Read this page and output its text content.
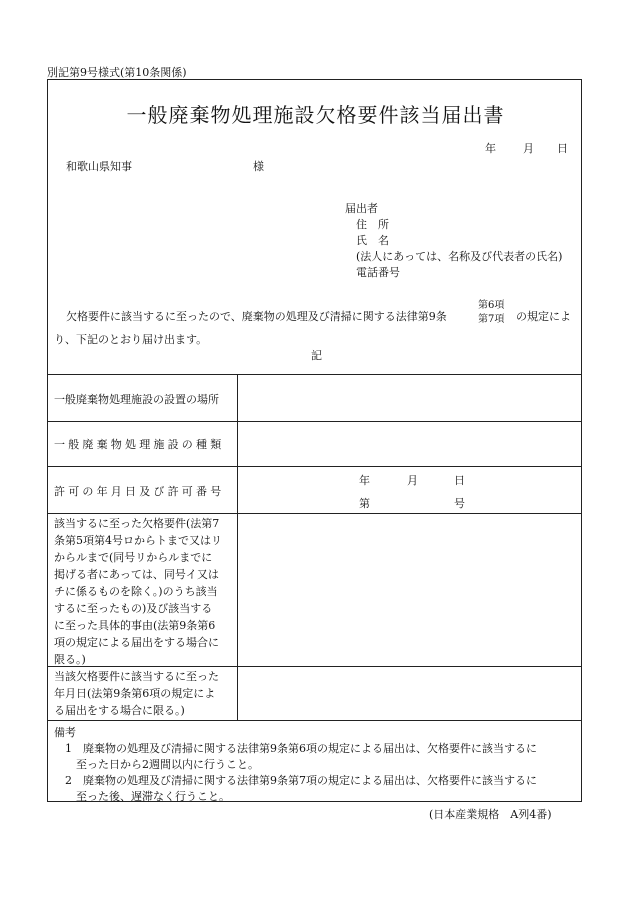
別記第9号様式(第10条関係)
一般廃棄物処理施設欠格要件該当届出書
年 月 日
和歌山県知事	様
届出者
住　所
氏　名
(法人にあっては、名称及び代表者の氏名)
電話番号
欠格要件に該当するに至ったので、廃棄物の処理及び清掃に関する法律第9条
第6項
第7項 の規定によ
り、下記のとおり届け出ます。
記
一般廃棄物処理施設の設置の場所
一般廃棄物処理施設の種類
許可の年月日及び許可番号
年	月	日
第	号
該当するに至った欠格要件(法第7
条第5項第4号ロからトまで又はリ
からルまで(同号リからルまでに
掲げる者にあっては、同号イ又は
チに係るものを除く。)のうち該当
するに至ったもの)及び該当する
に至った具体的事由(法第9条第6
項の規定による届出をする場合に
限る。)
当該欠格要件に該当するに至った
年月日(法第9条第6項の規定によ
る届出をする場合に限る。)
備考
　1　廃棄物の処理及び清掃に関する法律第9条第6項の規定による届出は、欠格要件に該当するに
　　至った日から2週間以内に行うこと。
　2　廃棄物の処理及び清掃に関する法律第9条第7項の規定による届出は、欠格要件に該当するに
　　至った後、遅滞なく行うこと。
(日本産業規格　A列4番)
